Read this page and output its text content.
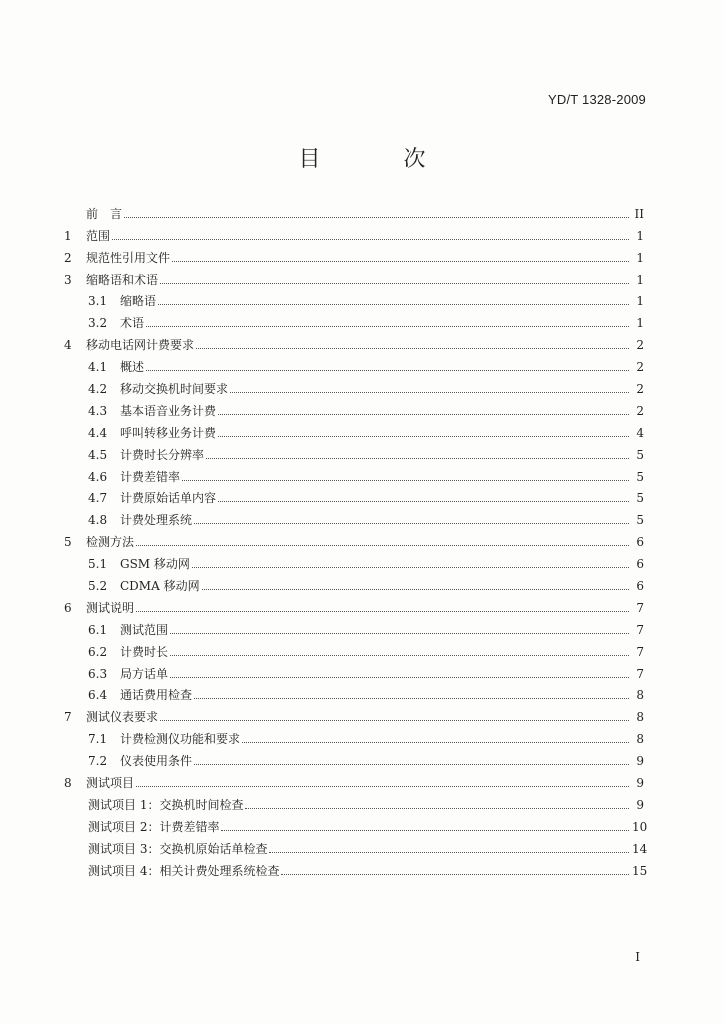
YD/T 1328-2009
目 次
前　言	II
1	范围	1
2	规范性引用文件	1
3	缩略语和术语	1
3.1	缩略语	1
3.2	术语	1
4	移动电话网计费要求	2
4.1	概述	2
4.2	移动交换机时间要求	2
4.3	基本语音业务计费	2
4.4	呼叫转移业务计费	4
4.5	计费时长分辨率	5
4.6	计费差错率	5
4.7	计费原始话单内容	5
4.8	计费处理系统	5
5	检测方法	6
5.1	GSM 移动网	6
5.2	CDMA 移动网	6
6	测试说明	7
6.1	测试范围	7
6.2	计费时长	7
6.3	局方话单	7
6.4	通话费用检查	8
7	测试仪表要求	8
7.1	计费检测仪功能和要求	8
7.2	仪表使用条件	9
8	测试项目	9
测试项目 1：交换机时间检查	9
测试项目 2：计费差错率	10
测试项目 3：交换机原始话单检查	14
测试项目 4：相关计费处理系统检查	15
I
